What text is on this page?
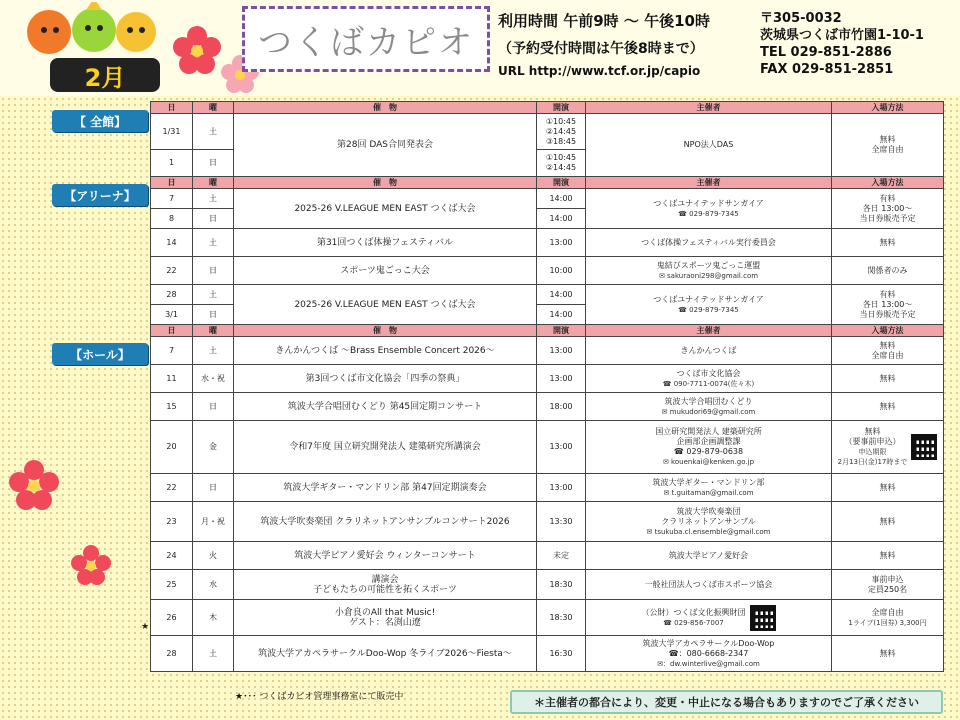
2月
つくばカピオ
利用時間 午前9時 〜 午後10時
（予約受付時間は午後8時まで）
URL http://www.tcf.or.jp/capio
〒305-0032
茨城県つくば市竹園1-10-1
TEL 029-851-2886
FAX 029-851-2851
【 全館】
【アリーナ】
【ホール】
日	曜	催　物	開演	主催者	入場方法
1/31	土	第28回 DAS合同発表会	①10:45
②14:45
③18:45	NPO法人DAS	無料
全席自由
1	日		①10:45
②14:45		
日	曜	催　物	開演	主催者	入場方法
7	土	2025-26 V.LEAGUE MEN EAST つくば大会	14:00	つくばユナイテッドサンガイア
☎ 029-879-7345	有料
各日 13:00〜
当日券販売予定
8	日		14:00		
14	土	第31回つくば体操フェスティバル	13:00	つくば体操フェスティバル実行委員会	無料
22	日	スポーツ鬼ごっこ大会	10:00	鬼結びスポーツ鬼ごっこ運盟
✉ sakuraoni298@gmail.com	関係者のみ
28	土	2025-26 V.LEAGUE MEN EAST つくば大会	14:00	つくばユナイテッドサンガイア
☎ 029-879-7345	有料
各日 13:00〜
当日券販売予定
3/1	日		14:00		
日	曜	催　物	開演	主催者	入場方法
7	土	きんかんつくば 〜Brass Ensemble Concert 2026〜	13:00	きんかんつくば	無料
全席自由
11	水・祝	第3回つくば市文化協会「四季の祭典」	13:00	つくば市文化協会
☎ 090-7711-0074(佐々木)	無料
15	日	筑波大学合唱団むくどり 第45回定期コンサート	18:00	筑波大学合唱団むくどり
✉ mukudori69@gmail.com	無料
20	金	令和7年度 国立研究開発法人 建築研究所講演会	13:00	国立研究開発法人 建築研究所
企画部企画調整課
☎ 029-879-0638
✉ kouenkai@kenken.go.jp	無料
（要事前申込）
申込期限
2月13日(金)17時まで

22	日	筑波大学ギター・マンドリン部 第47回定期演奏会	13:00	筑波大学ギター・マンドリン部
✉ t.guitaman@gmail.com	無料
23	月・祝	筑波大学吹奏楽団 クラリネットアンサンブルコンサート2026	13:30	筑波大学吹奏楽団
クラリネットアンサンブル
✉ tsukuba.cl.ensemble@gmail.com	無料
24	火	筑波大学ピアノ愛好会 ウィンターコンサート	未定	筑波大学ピアノ愛好会	無料
25	水	講演会
子どもたちの可能性を拓くスポーツ	18:30	一般社団法人つくば市スポーツ協会	事前申込
定員250名
26	木	小倉良のAll that Music!
ゲスト：名渕山遼	18:30	（公財）つくば文化振興財団
☎ 029-856-7007	全席自由
1ライブ(1回券) 3,300円

28	土	筑波大学アカペラサークルDoo-Wop 冬ライブ2026〜Fiesta〜	16:30	筑波大学アカペラサークルDoo-Wop
☎：080-6668-2347
✉：dw.winterlive@gmail.com	無料
★
★･･･ つくばカピオ管理事務室にて販売中	＊主催者の都合により、変更・中止になる場合もありますのでご了承ください
